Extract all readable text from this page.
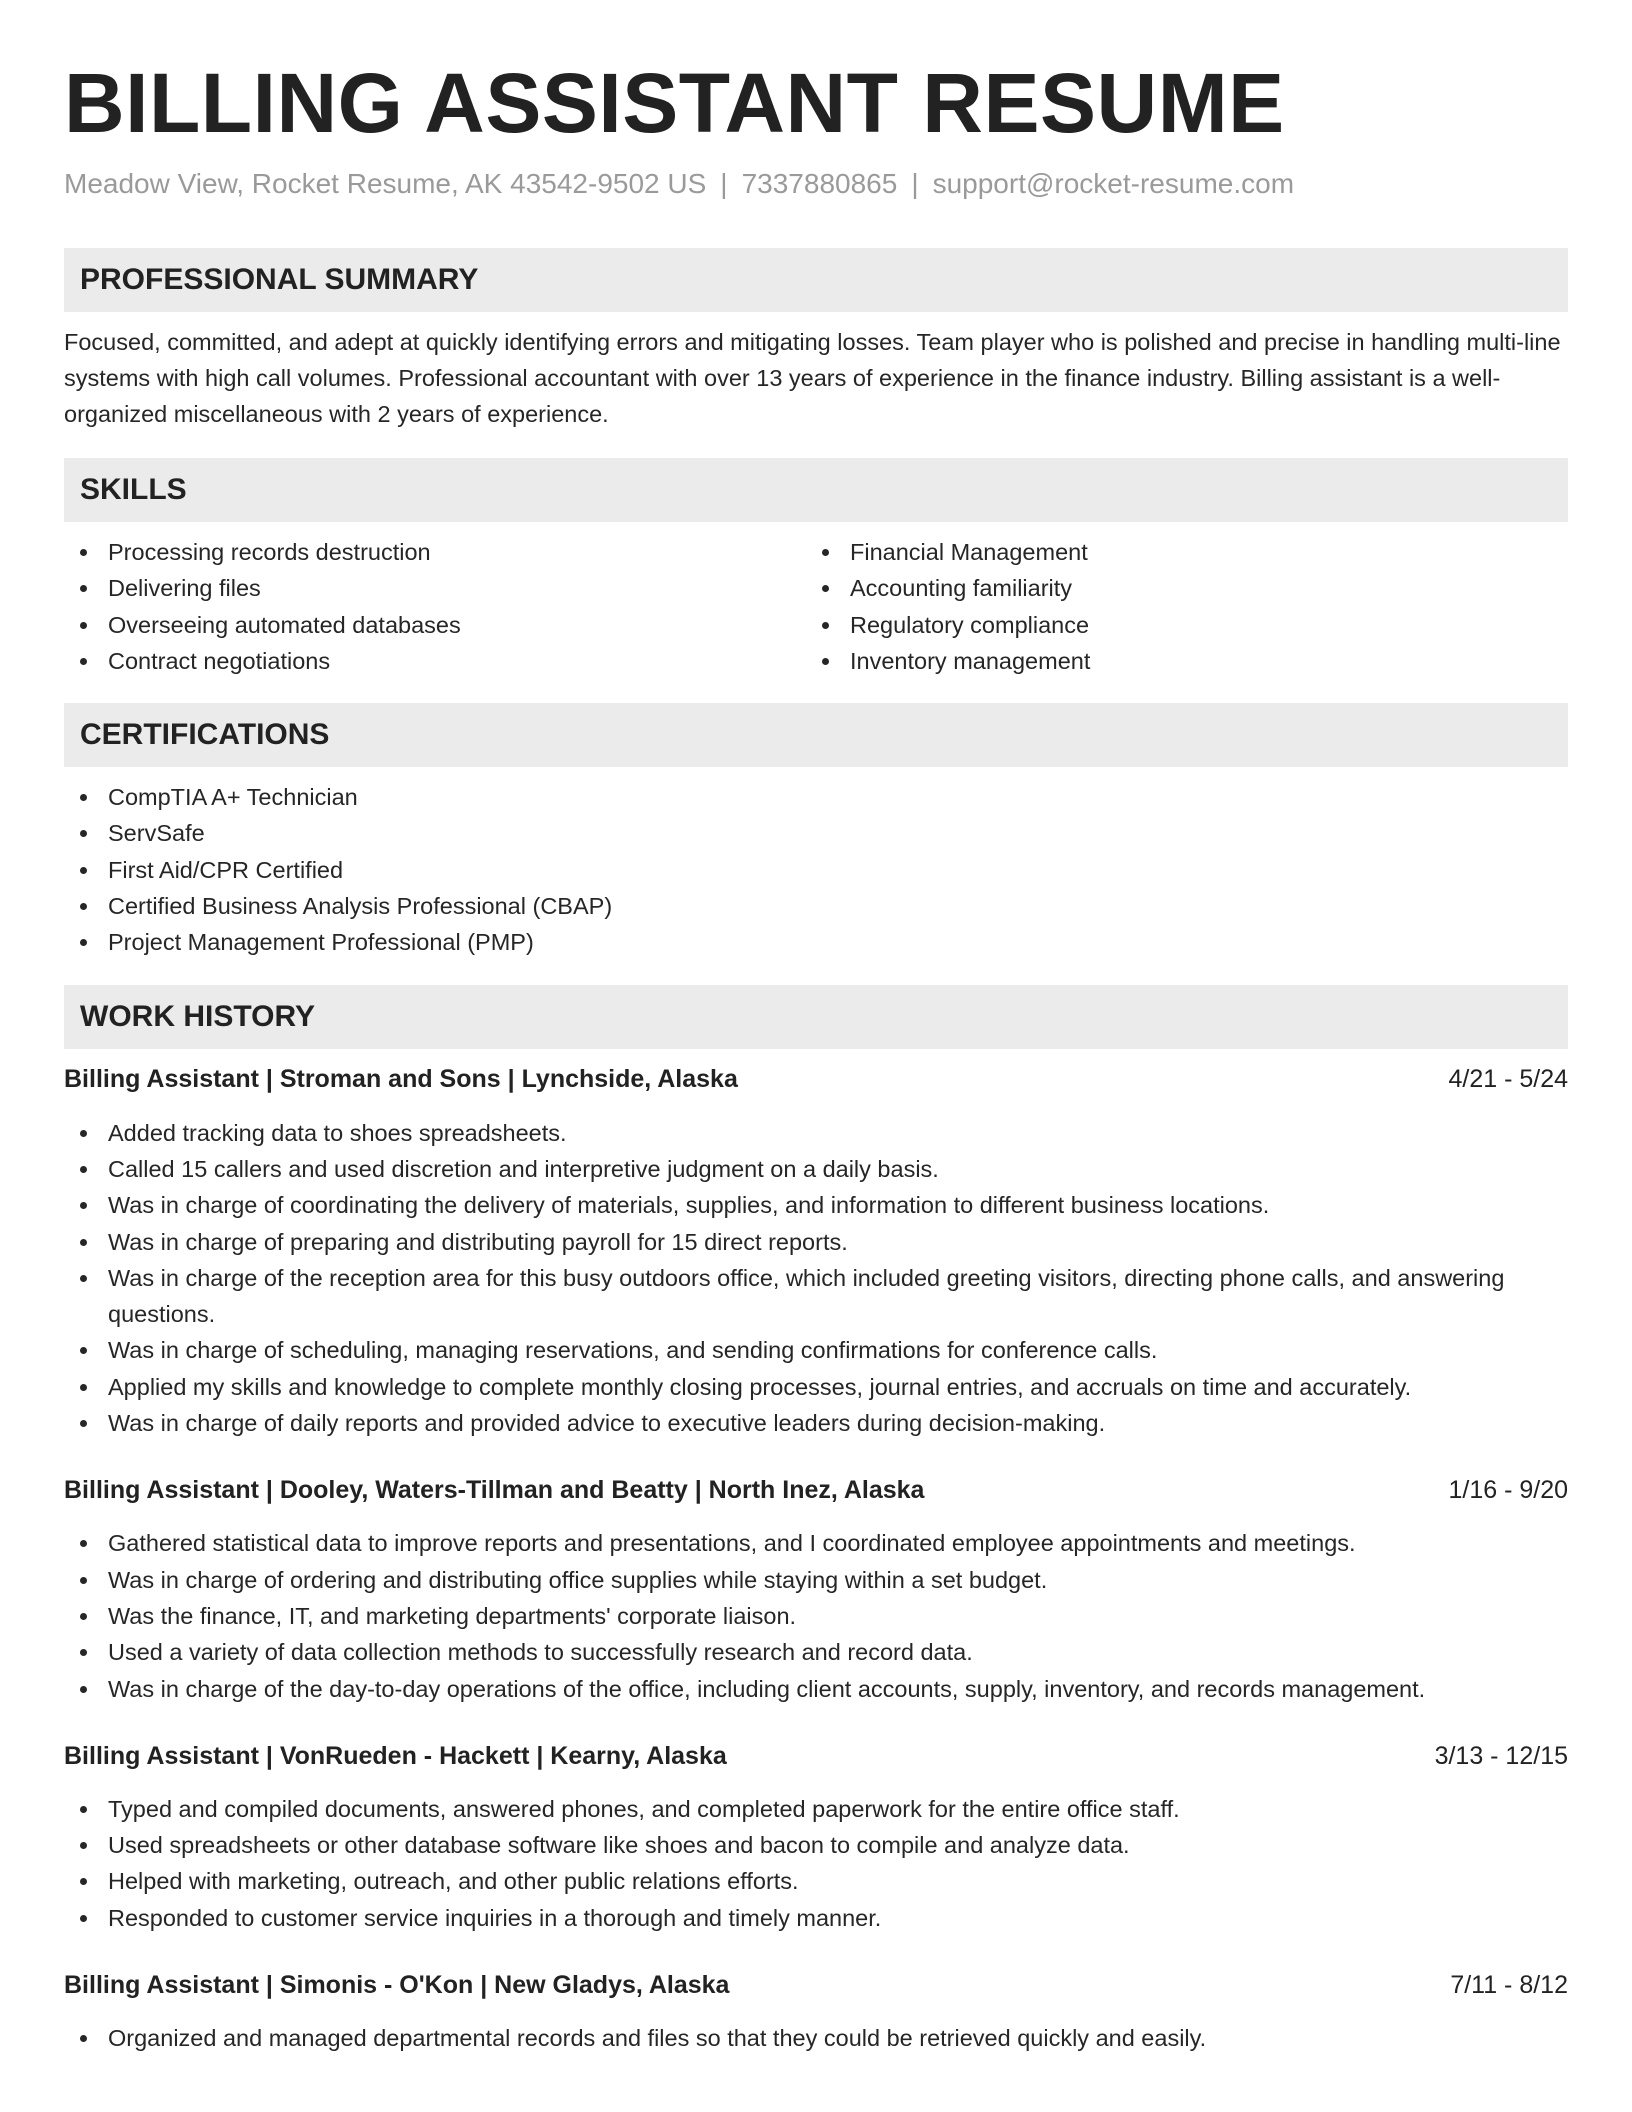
BILLING ASSISTANT RESUME
Meadow View, Rocket Resume, AK 43542-9502 US | 7337880865 | support@rocket-resume.com
PROFESSIONAL SUMMARY

Focused, committed, and adept at quickly identifying errors and mitigating losses. Team player who is polished and precise in handling multi-line systems with high call volumes. Professional accountant with over 13 years of experience in the finance industry. Billing assistant is a well-organized miscellaneous with 2 years of experience.

SKILLS
Processing records destruction
Delivering files
Overseeing automated databases
Contract negotiations
Financial Management
Accounting familiarity
Regulatory compliance
Inventory management
CERTIFICATIONS
CompTIA A+ Technician
ServSafe
First Aid/CPR Certified
Certified Business Analysis Professional (CBAP)
Project Management Professional (PMP)
WORK HISTORY
Billing Assistant | Stroman and Sons | Lynchside, Alaska	4/21 - 5/24
Added tracking data to shoes spreadsheets.
Called 15 callers and used discretion and interpretive judgment on a daily basis.
Was in charge of coordinating the delivery of materials, supplies, and information to different business locations.
Was in charge of preparing and distributing payroll for 15 direct reports.
Was in charge of the reception area for this busy outdoors office, which included greeting visitors, directing phone calls, and answering questions.
Was in charge of scheduling, managing reservations, and sending confirmations for conference calls.
Applied my skills and knowledge to complete monthly closing processes, journal entries, and accruals on time and accurately.
Was in charge of daily reports and provided advice to executive leaders during decision-making.
Billing Assistant | Dooley, Waters-Tillman and Beatty | North Inez, Alaska	1/16 - 9/20
Gathered statistical data to improve reports and presentations, and I coordinated employee appointments and meetings.
Was in charge of ordering and distributing office supplies while staying within a set budget.
Was the finance, IT, and marketing departments' corporate liaison.
Used a variety of data collection methods to successfully research and record data.
Was in charge of the day-to-day operations of the office, including client accounts, supply, inventory, and records management.
Billing Assistant | VonRueden - Hackett | Kearny, Alaska	3/13 - 12/15
Typed and compiled documents, answered phones, and completed paperwork for the entire office staff.
Used spreadsheets or other database software like shoes and bacon to compile and analyze data.
Helped with marketing, outreach, and other public relations efforts.
Responded to customer service inquiries in a thorough and timely manner.
Billing Assistant | Simonis - O'Kon | New Gladys, Alaska	7/11 - 8/12
Organized and managed departmental records and files so that they could be retrieved quickly and easily.
